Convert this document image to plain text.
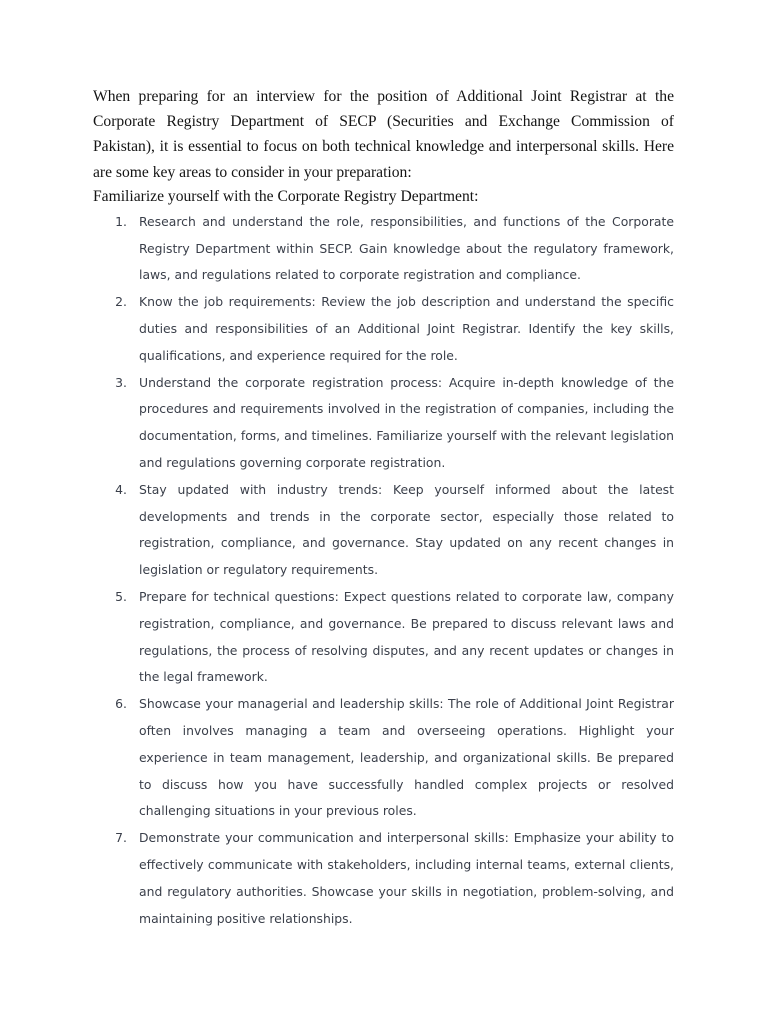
When preparing for an interview for the position of Additional Joint Registrar at the Corporate Registry Department of SECP (Securities and Exchange Commission of Pakistan), it is essential to focus on both technical knowledge and interpersonal skills. Here are some key areas to consider in your preparation:

Familiarize yourself with the Corporate Registry Department:

1. Research and understand the role, responsibilities, and functions of the Corporate Registry Department within SECP. Gain knowledge about the regulatory framework, laws, and regulations related to corporate registration and compliance.
2. Know the job requirements: Review the job description and understand the specific duties and responsibilities of an Additional Joint Registrar. Identify the key skills, qualifications, and experience required for the role.
3. Understand the corporate registration process: Acquire in-depth knowledge of the procedures and requirements involved in the registration of companies, including the documentation, forms, and timelines. Familiarize yourself with the relevant legislation and regulations governing corporate registration.
4. Stay updated with industry trends: Keep yourself informed about the latest developments and trends in the corporate sector, especially those related to registration, compliance, and governance. Stay updated on any recent changes in legislation or regulatory requirements.
5. Prepare for technical questions: Expect questions related to corporate law, company registration, compliance, and governance. Be prepared to discuss relevant laws and regulations, the process of resolving disputes, and any recent updates or changes in the legal framework.
6. Showcase your managerial and leadership skills: The role of Additional Joint Registrar often involves managing a team and overseeing operations. Highlight your experience in team management, leadership, and organizational skills. Be prepared to discuss how you have successfully handled complex projects or resolved challenging situations in your previous roles.
7. Demonstrate your communication and interpersonal skills: Emphasize your ability to effectively communicate with stakeholders, including internal teams, external clients, and regulatory authorities. Showcase your skills in negotiation, problem-solving, and maintaining positive relationships.
